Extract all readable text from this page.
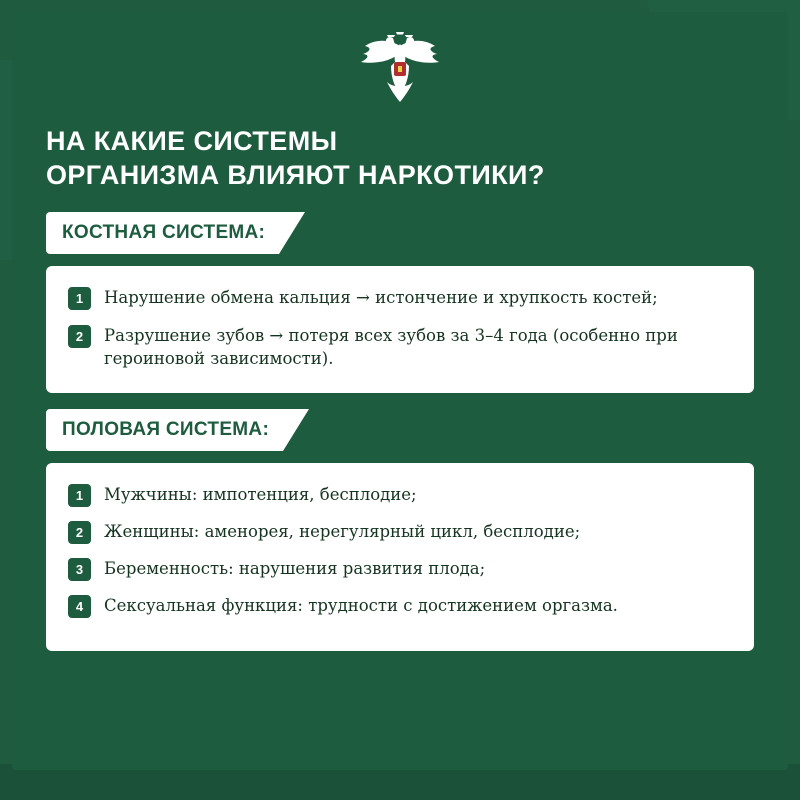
НА КАКИЕ СИСТЕМЫ
ОРГАНИЗМА ВЛИЯЮТ НАРКОТИКИ?
КОСТНАЯ СИСТЕМА:
1	Нарушение обмена кальция → истончение и хрупкость костей;
2	Разрушение зубов → потеря всех зубов за 3–4 года (особенно при героиновой зависимости).
ПОЛОВАЯ СИСТЕМА:
1	Мужчины: импотенция, бесплодие;
2	Женщины: аменорея, нерегулярный цикл, бесплодие;
3	Беременность: нарушения развития плода;
4	Сексуальная функция: трудности с достижением оргазма.
